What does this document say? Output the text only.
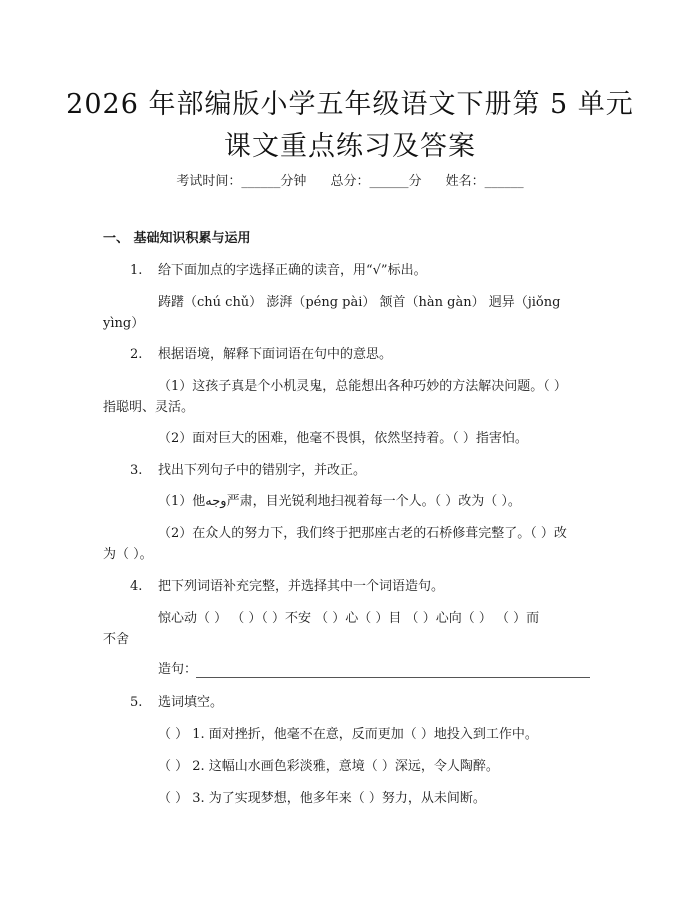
2026 年部编版小学五年级语文下册第 5 单元
课文重点练习及答案
考试时间：______分钟 总分：______分 姓名：______
一、 基础知识积累与运用
1. 给下面加点的字选择正确的读音，用“√”标出。
踌躇（chú chǔ） 澎湃（péng pài） 颔首（hàn gàn） 迥异（jiǒng
yìng）
2. 根据语境，解释下面词语在句中的意思。
（1）这孩子真是个小机灵鬼，总能想出各种巧妙的方法解决问题。（ ）
指聪明、灵活。
（2）面对巨大的困难，他毫不畏惧，依然坚持着。（ ）指害怕。
3. 找出下列句子中的错别字，并改正。
（1）他وجه严肃，目光锐利地扫视着每一个人。（ ）改为（ ）。
（2）在众人的努力下，我们终于把那座古老的石桥修葺完整了。（ ）改
为（ ）。
4. 把下列词语补充完整，并选择其中一个词语造句。
惊心动（ ） （ ）（ ）不安 （ ）心（ ）目 （ ）心向（ ） （ ）而
不舍
造句：
5. 选词填空。
（ ） 1. 面对挫折，他毫不在意，反而更加（ ）地投入到工作中。
（ ） 2. 这幅山水画色彩淡雅，意境（ ）深远，令人陶醉。
（ ） 3. 为了实现梦想，他多年来（ ）努力，从未间断。
